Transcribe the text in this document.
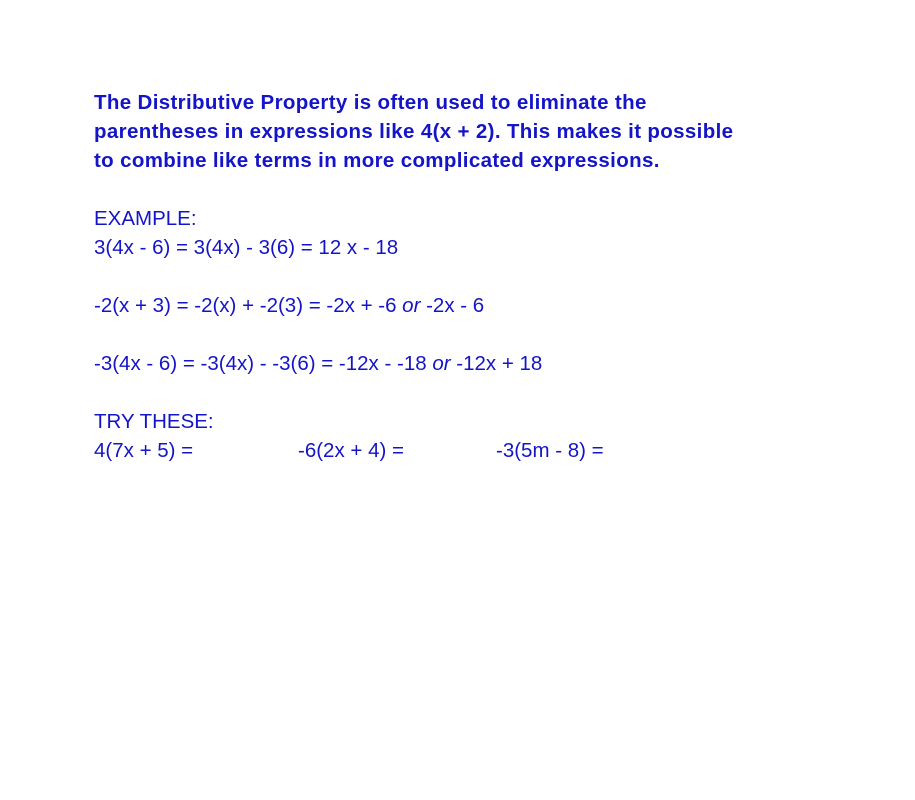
The Distributive Property is often used to eliminate the
parentheses in expressions like 4(x + 2). This makes it possible
to combine like terms in more complicated expressions.

EXAMPLE:
3(4x - 6) = 3(4x) - 3(6) = 12 x - 18
-2(x + 3) = -2(x) + -2(3) = -2x + -6 or -2x - 6
-3(4x - 6) = -3(4x) - -3(6) = -12x - -18 or -12x + 18
TRY THESE:
4(7x + 5) =	-6(2x + 4) =	-3(5m - 8) =
